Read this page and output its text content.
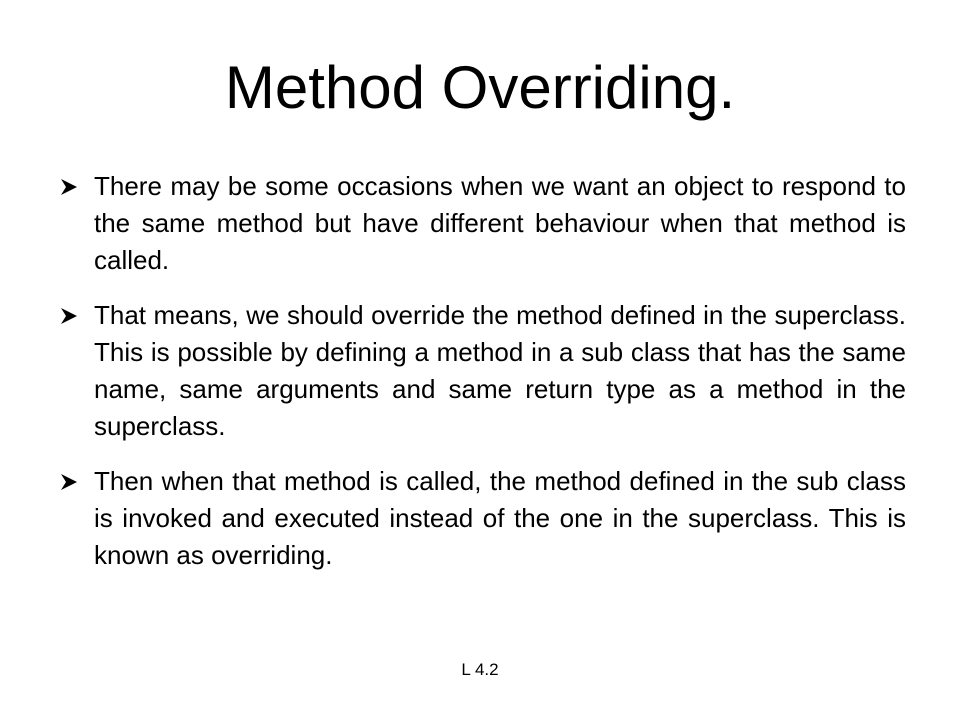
Method Overriding.
There may be some occasions when we want an object to respond to the same method but have different behaviour when that method is called.
That means, we should override the method defined in the superclass. This is possible by defining a method in a sub class that has the same name, same arguments and same return type as a method in the superclass.
Then when that method is called, the method defined in the sub class is invoked and executed instead of the one in the superclass. This is known as overriding.
L 4.2
